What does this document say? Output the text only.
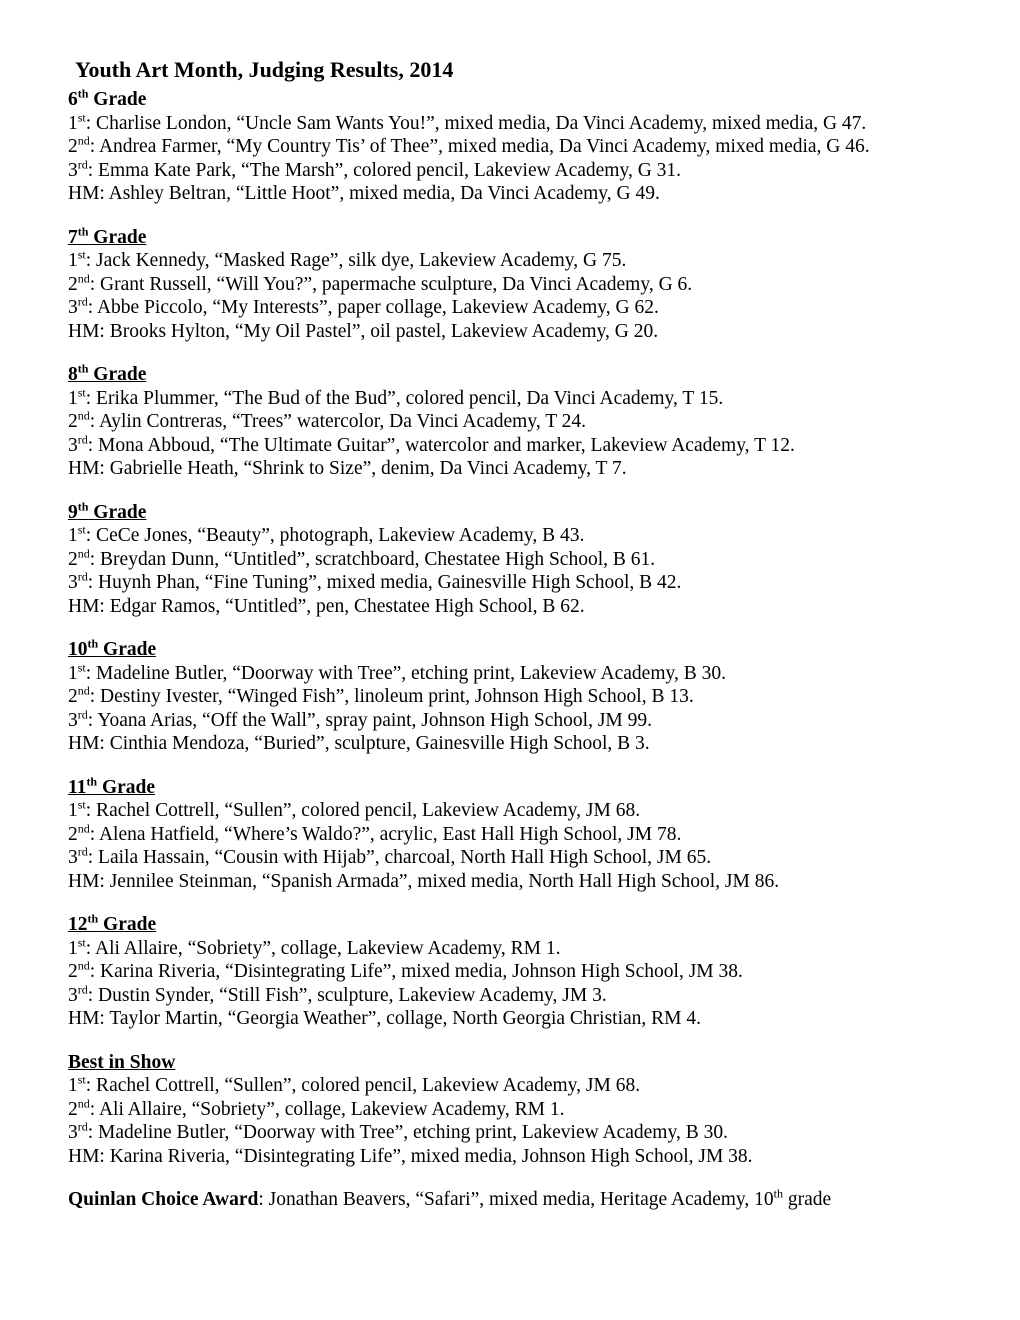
Youth Art Month, Judging Results, 2014

6th Grade

1st: Charlise London, “Uncle Sam Wants You!”, mixed media, Da Vinci Academy, mixed media, G 47.

2nd: Andrea Farmer, “My Country Tis’ of Thee”, mixed media, Da Vinci Academy, mixed media, G 46.

3rd: Emma Kate Park, “The Marsh”, colored pencil, Lakeview Academy, G 31.

HM: Ashley Beltran, “Little Hoot”, mixed media, Da Vinci Academy, G 49.

7th Grade

1st: Jack Kennedy, “Masked Rage”, silk dye, Lakeview Academy, G 75.

2nd: Grant Russell, “Will You?”, papermache sculpture, Da Vinci Academy, G 6.

3rd: Abbe Piccolo, “My Interests”, paper collage, Lakeview Academy, G 62.

HM: Brooks Hylton, “My Oil Pastel”, oil pastel, Lakeview Academy, G 20.

8th Grade

1st: Erika Plummer, “The Bud of the Bud”, colored pencil, Da Vinci Academy, T 15.

2nd: Aylin Contreras, “Trees” watercolor, Da Vinci Academy, T 24.

3rd: Mona Abboud, “The Ultimate Guitar”, watercolor and marker, Lakeview Academy, T 12.

HM: Gabrielle Heath, “Shrink to Size”, denim, Da Vinci Academy, T 7.

9th Grade

1st: CeCe Jones, “Beauty”, photograph, Lakeview Academy, B 43.

2nd: Breydan Dunn, “Untitled”, scratchboard, Chestatee High School, B 61.

3rd: Huynh Phan, “Fine Tuning”, mixed media, Gainesville High School, B 42.

HM: Edgar Ramos, “Untitled”, pen, Chestatee High School, B 62.

10th Grade

1st: Madeline Butler, “Doorway with Tree”, etching print, Lakeview Academy, B 30.

2nd: Destiny Ivester, “Winged Fish”, linoleum print, Johnson High School, B 13.

3rd: Yoana Arias, “Off the Wall”, spray paint, Johnson High School, JM 99.

HM: Cinthia Mendoza, “Buried”, sculpture, Gainesville High School, B 3.

11th Grade

1st: Rachel Cottrell, “Sullen”, colored pencil, Lakeview Academy, JM 68.

2nd: Alena Hatfield, “Where’s Waldo?”, acrylic, East Hall High School, JM 78.

3rd: Laila Hassain, “Cousin with Hijab”, charcoal, North Hall High School, JM 65.

HM: Jennilee Steinman, “Spanish Armada”, mixed media, North Hall High School, JM 86.

12th Grade

1st: Ali Allaire, “Sobriety”, collage, Lakeview Academy, RM 1.

2nd: Karina Riveria, “Disintegrating Life”, mixed media, Johnson High School, JM 38.

3rd: Dustin Synder, “Still Fish”, sculpture, Lakeview Academy, JM 3.

HM: Taylor Martin, “Georgia Weather”, collage, North Georgia Christian, RM 4.

Best in Show

1st: Rachel Cottrell, “Sullen”, colored pencil, Lakeview Academy, JM 68.

2nd: Ali Allaire, “Sobriety”, collage, Lakeview Academy, RM 1.

3rd: Madeline Butler, “Doorway with Tree”, etching print, Lakeview Academy, B 30.

HM: Karina Riveria, “Disintegrating Life”, mixed media, Johnson High School, JM 38.

Quinlan Choice Award: Jonathan Beavers, “Safari”, mixed media, Heritage Academy, 10th grade
